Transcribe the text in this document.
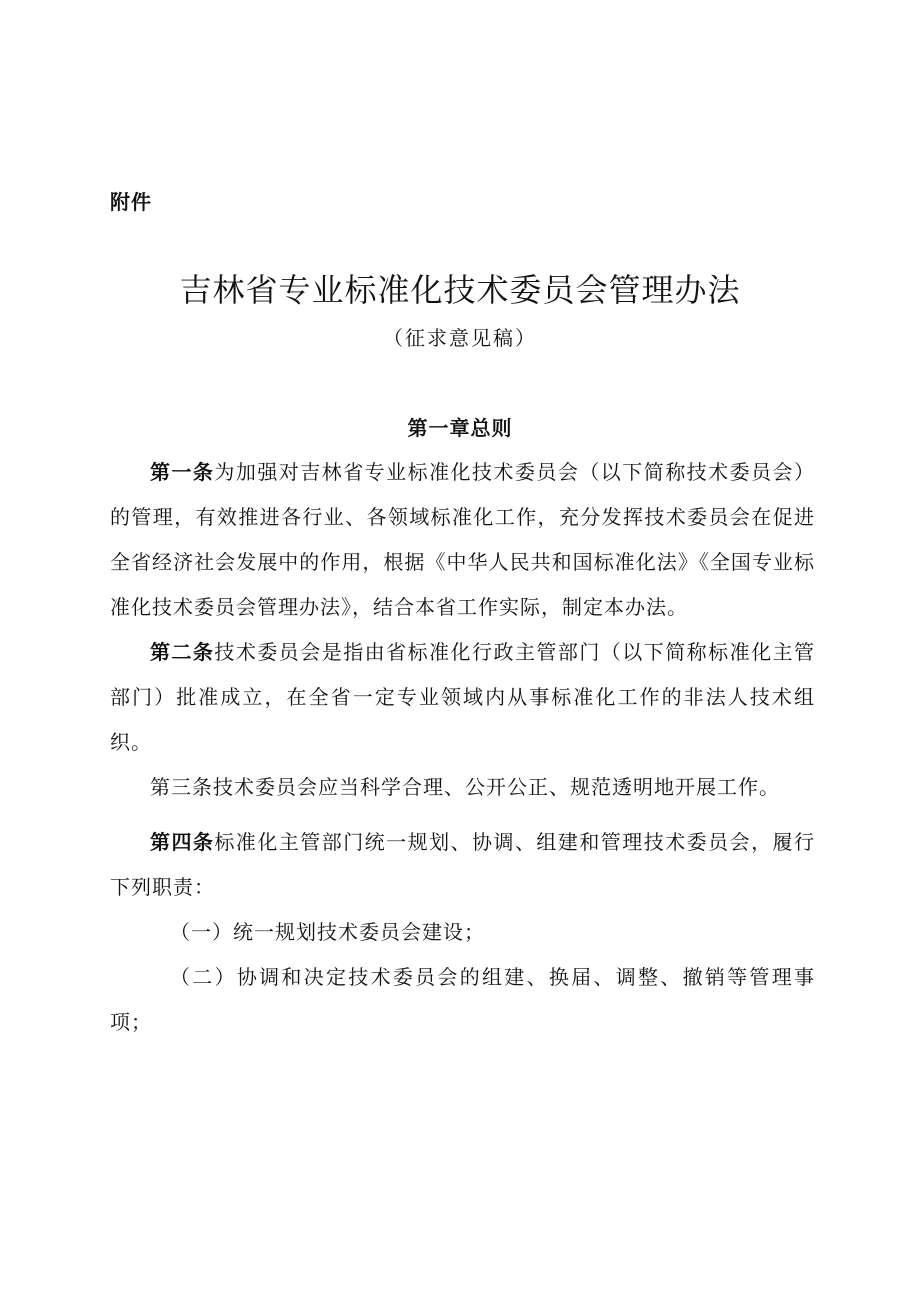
附件
吉林省专业标准化技术委员会管理办法
（征求意见稿）
第一章总则

第一条为加强对吉林省专业标准化技术委员会（以下简称技术委员会）的管理，有效推进各行业、各领域标准化工作，充分发挥技术委员会在促进全省经济社会发展中的作用，根据《中华人民共和国标准化法》《全国专业标准化技术委员会管理办法》，结合本省工作实际，制定本办法。

第二条技术委员会是指由省标准化行政主管部门（以下简称标准化主管部门）批准成立，在全省一定专业领域内从事标准化工作的非法人技术组织。

第三条技术委员会应当科学合理、公开公正、规范透明地开展工作。

第四条标准化主管部门统一规划、协调、组建和管理技术委员会，履行下列职责：

（一）统一规划技术委员会建设；

（二）协调和决定技术委员会的组建、换届、调整、撤销等管理事项；
